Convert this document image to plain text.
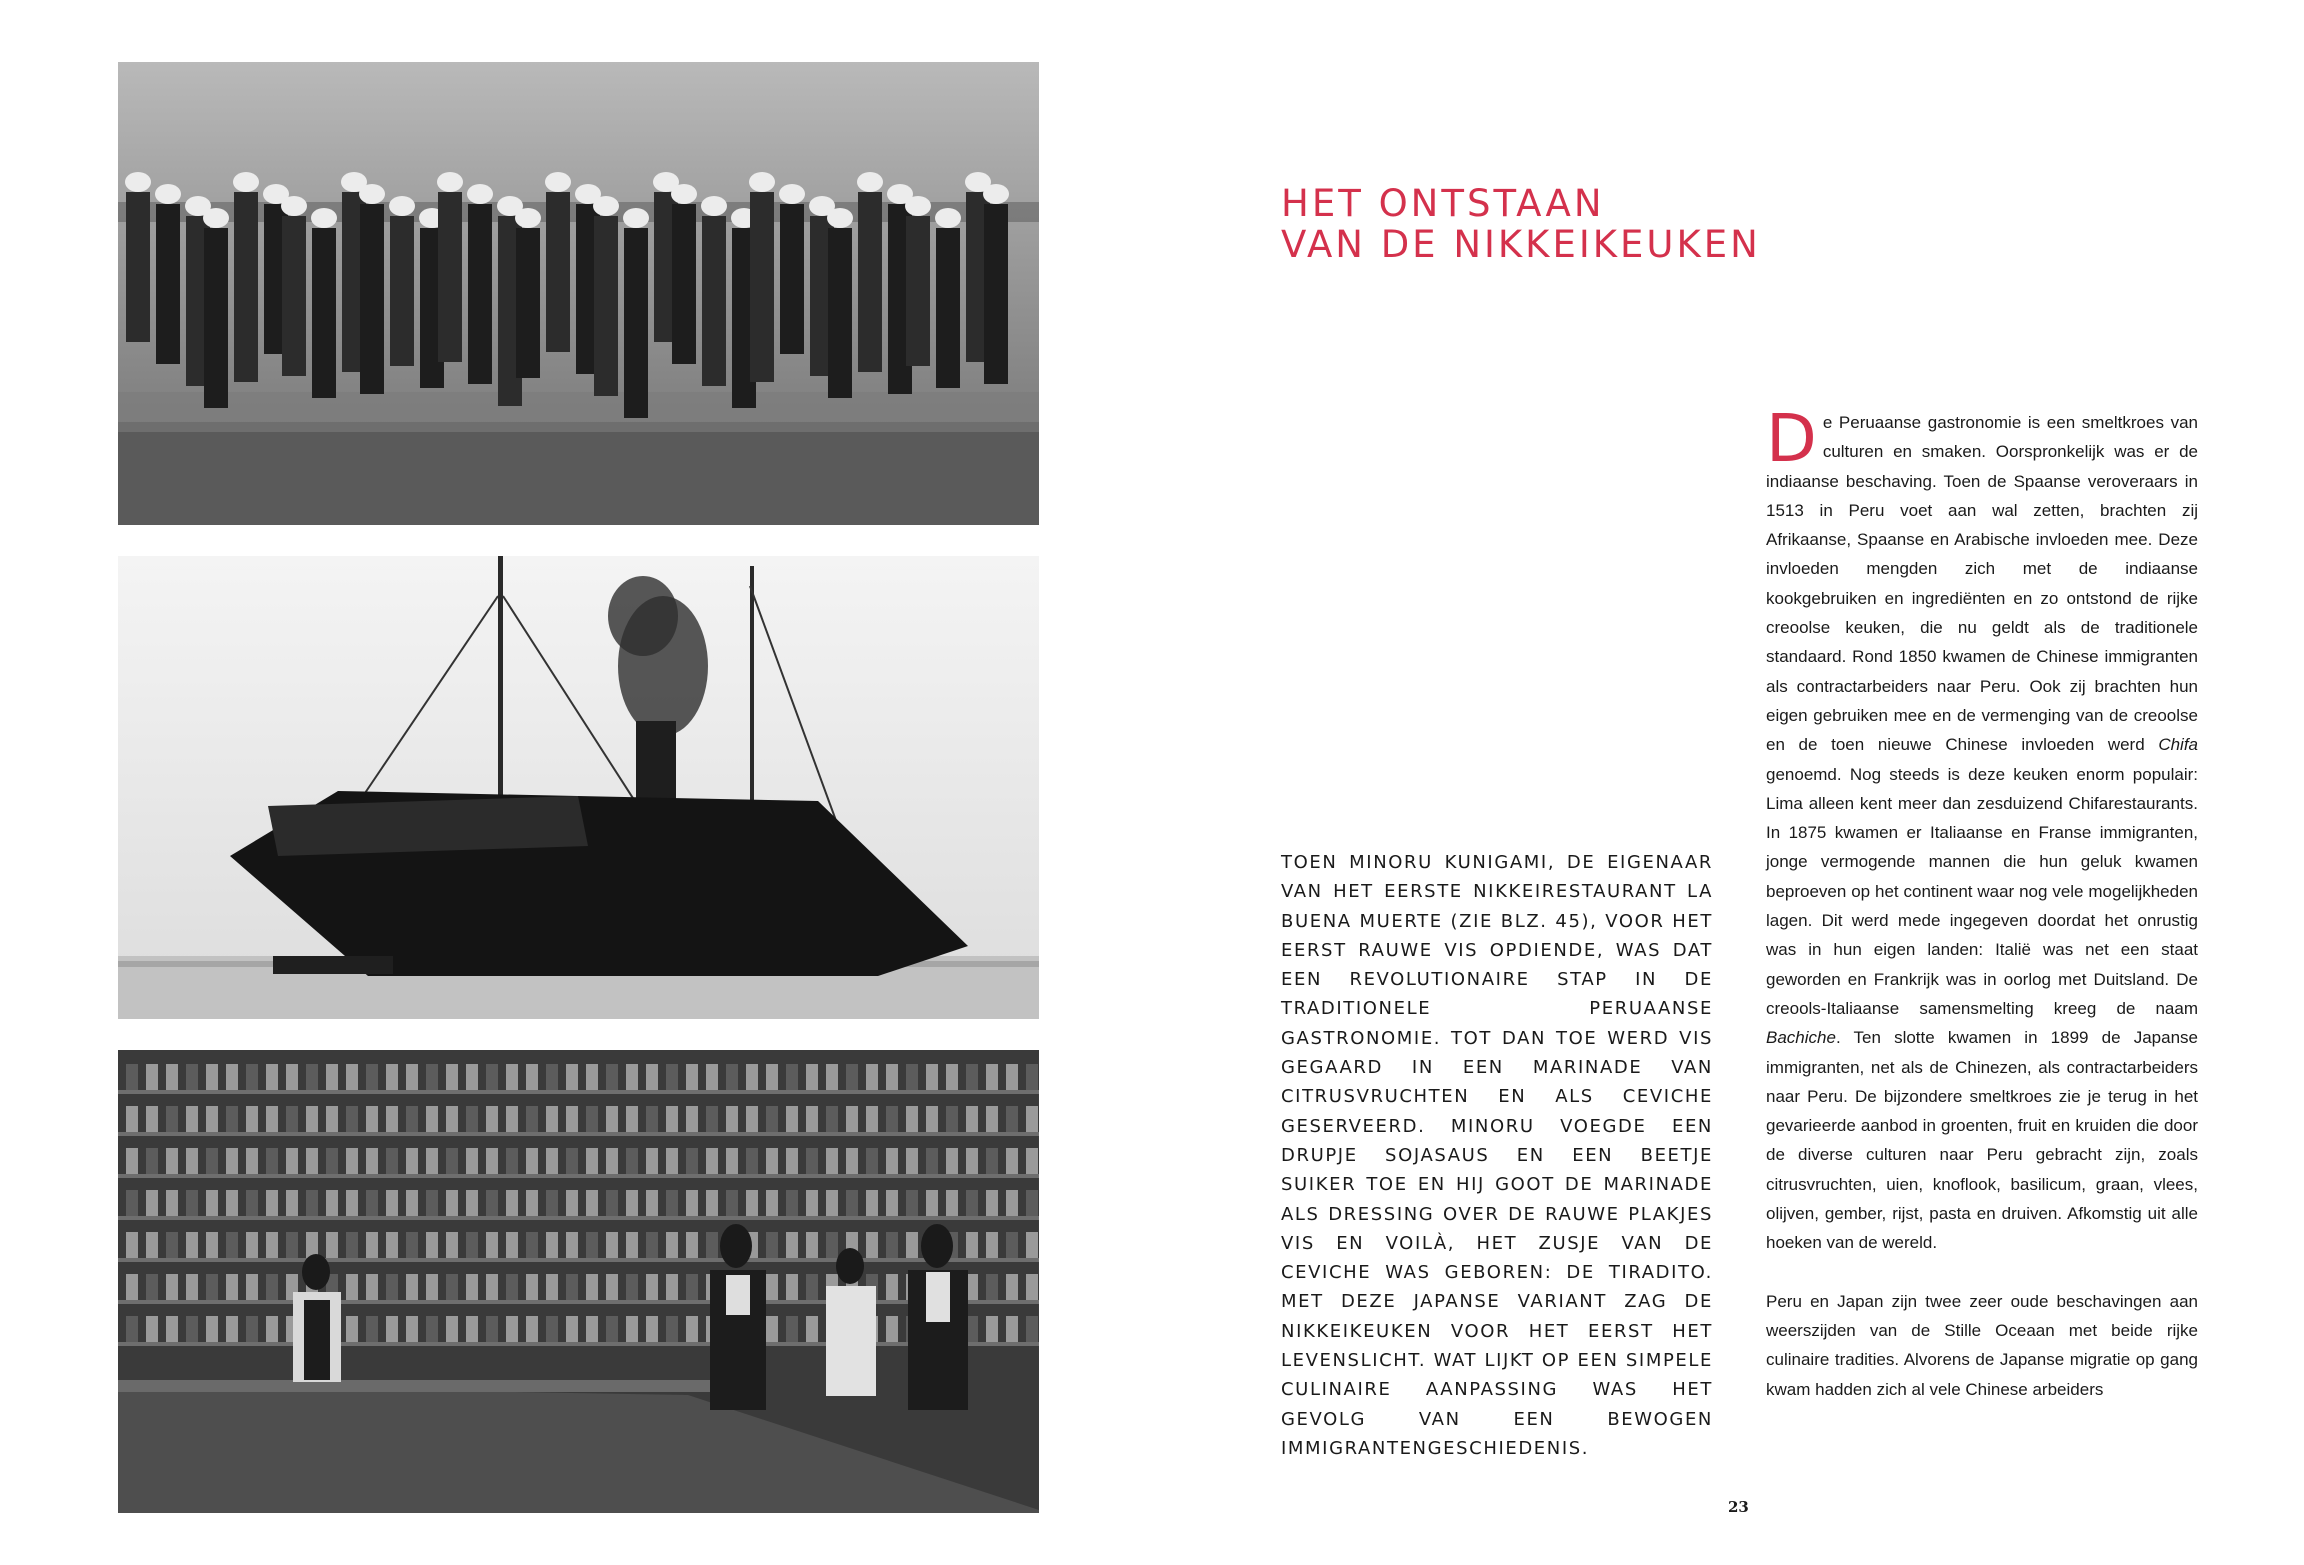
HET ONTSTAAN
VAN DE NIKKEIKEUKEN
TOEN MINORU KUNIGAMI, DE EIGENAAR VAN HET EERSTE NIKKEIRESTAURANT LA BUENA MUERTE (ZIE BLZ. 45), VOOR HET EERST RAUWE VIS OPDIENDE, WAS DAT EEN REVOLUTIONAIRE STAP IN DE TRADITIONELE PERUAANSE GASTRONOMIE. TOT DAN TOE WERD VIS GEGAARD IN EEN MARINADE VAN CITRUSVRUCHTEN EN ALS CEVICHE GESERVEERD. MINORU VOEGDE EEN DRUPJE SOJASAUS EN EEN BEETJE SUIKER TOE EN HIJ GOOT DE MARINADE ALS DRESSING OVER DE RAUWE PLAKJES VIS EN VOILÀ, HET ZUSJE VAN DE CEVICHE WAS GEBOREN: DE TIRADITO. MET DEZE JAPANSE VARIANT ZAG DE NIKKEIKEUKEN VOOR HET EERST HET LEVENSLICHT. WAT LIJKT OP EEN SIMPELE CULINAIRE AANPASSING WAS HET GEVOLG VAN EEN BEWOGEN IMMIGRANTENGESCHIEDENIS.

De Peruaanse gastronomie is een smeltkroes van culturen en smaken. Oorspronkelijk was er de indiaanse beschaving. Toen de Spaanse veroveraars in 1513 in Peru voet aan wal zetten, brachten zij Afrikaanse, Spaanse en Arabische invloeden mee. Deze invloeden mengden zich met de indiaanse kookgebruiken en ingrediënten en zo ontstond de rijke creoolse keuken, die nu geldt als de traditionele standaard. Rond 1850 kwamen de Chinese immigranten als contractarbeiders naar Peru. Ook zij brachten hun eigen gebruiken mee en de vermenging van de creoolse en de toen nieuwe Chinese invloeden werd Chifa genoemd. Nog steeds is deze keuken enorm populair: Lima alleen kent meer dan zesduizend Chifarestaurants. In 1875 kwamen er Italiaanse en Franse immigranten, jonge vermogende mannen die hun geluk kwamen beproeven op het continent waar nog vele mogelijkheden lagen. Dit werd mede ingegeven doordat het onrustig was in hun eigen landen: Italië was net een staat geworden en Frankrijk was in oorlog met Duitsland. De creools-Italiaanse samensmelting kreeg de naam Bachiche. Ten slotte kwamen in 1899 de Japanse immigranten, net als de Chinezen, als contractarbeiders naar Peru. De bijzondere smeltkroes zie je terug in het gevarieerde aanbod in groenten, fruit en kruiden die door de diverse culturen naar Peru gebracht zijn, zoals citrusvruchten, uien, knoflook, basilicum, graan, vlees, olijven, gember, rijst, pasta en druiven. Afkomstig uit alle hoeken van de wereld.

Peru en Japan zijn twee zeer oude beschavingen aan weerszijden van de Stille Oceaan met beide rijke culinaire tradities. Alvorens de Japanse migratie op gang kwam hadden zich al vele Chinese arbeiders

23
